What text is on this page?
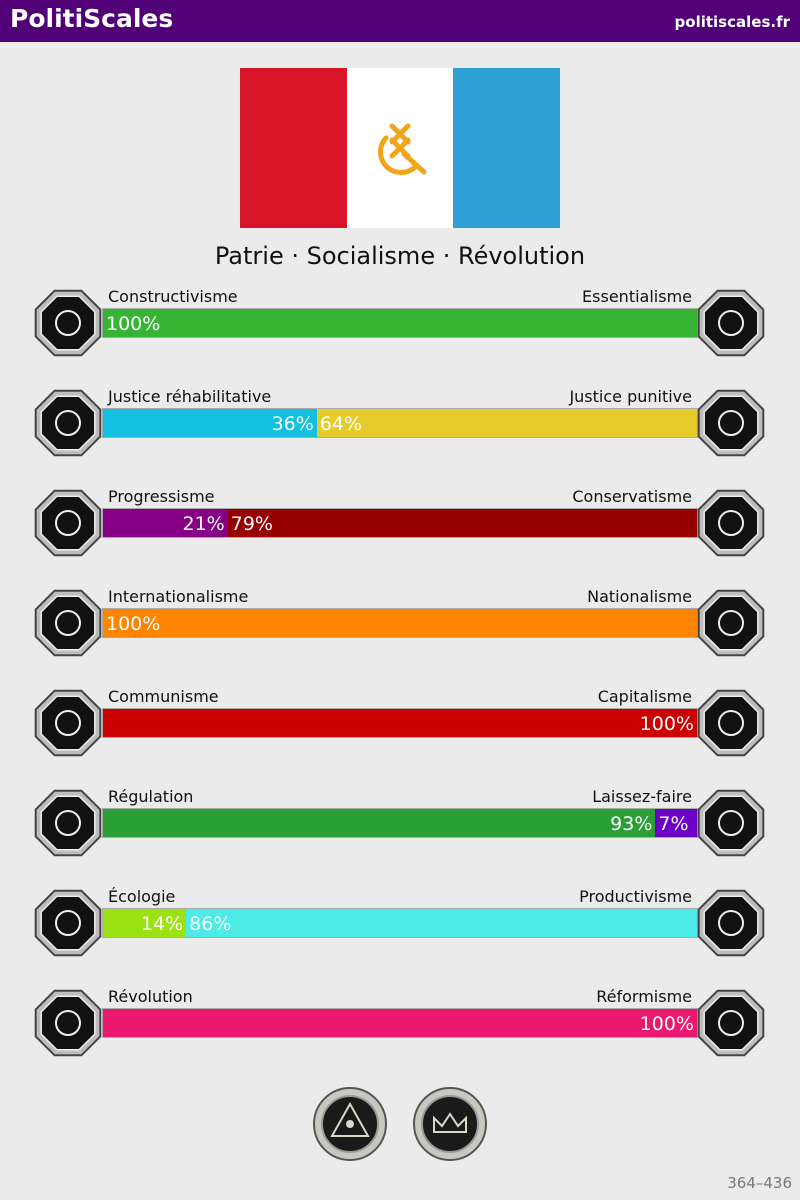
PolitiScales	politiscales.fr
Patrie · Socialisme · Révolution
Constructivisme	Essentialisme
100%
Justice réhabilitative	Justice punitive
36% 64%
Progressisme	Conservatisme
21% 79%
Internationalisme	Nationalisme
100%
Communisme	Capitalisme
100%
Régulation	Laissez-faire
93% 7%
Écologie	Productivisme
14% 86%
Révolution	Réformisme
100%
364–436
